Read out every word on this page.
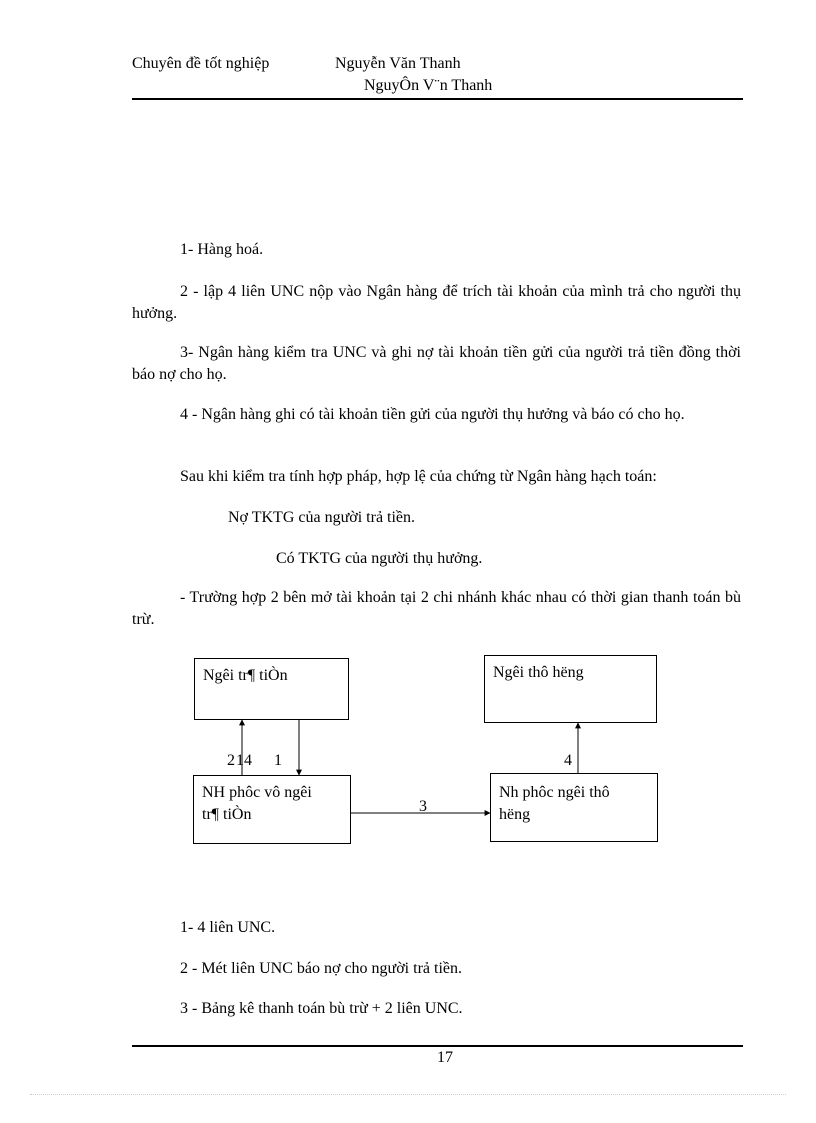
Chuyên đề tốt nghiệp	Nguyễn Văn Thanh
NguyÔn V¨n Thanh
1- Hàng hoá.
2 - lập 4 liên UNC nộp vào Ngân hàng để trích tài khoản của mình trả cho người thụ hưởng.
3- Ngân hàng kiểm tra UNC và ghi nợ tài khoản tiền gửi của người trả tiền đồng thời báo nợ cho họ.
4 - Ngân hàng ghi có tài khoản tiền gửi của người thụ hưởng và báo có cho họ.
Sau khi kiểm tra tính hợp pháp, hợp lệ của chứng từ Ngân hàng hạch toán:
Nợ TKTG của người trả tiền.
Có TKTG của người thụ hưởng.
- Trường hợp 2 bên mở tài khoản tại 2 chi nhánh khác nhau có thời gian thanh toán bù trừ.
Ngêi tr¶ tiÒn	Ngêi thô hëng
NH phôc vô ngêi
tr¶ tiÒn
Nh phôc ngêi thô
hëng
2 14 1
3
4
1- 4 liên UNC.
2 - Mét liên UNC báo nợ cho người trả tiền.
3 - Bảng kê thanh toán bù trừ + 2 liên UNC.
17
